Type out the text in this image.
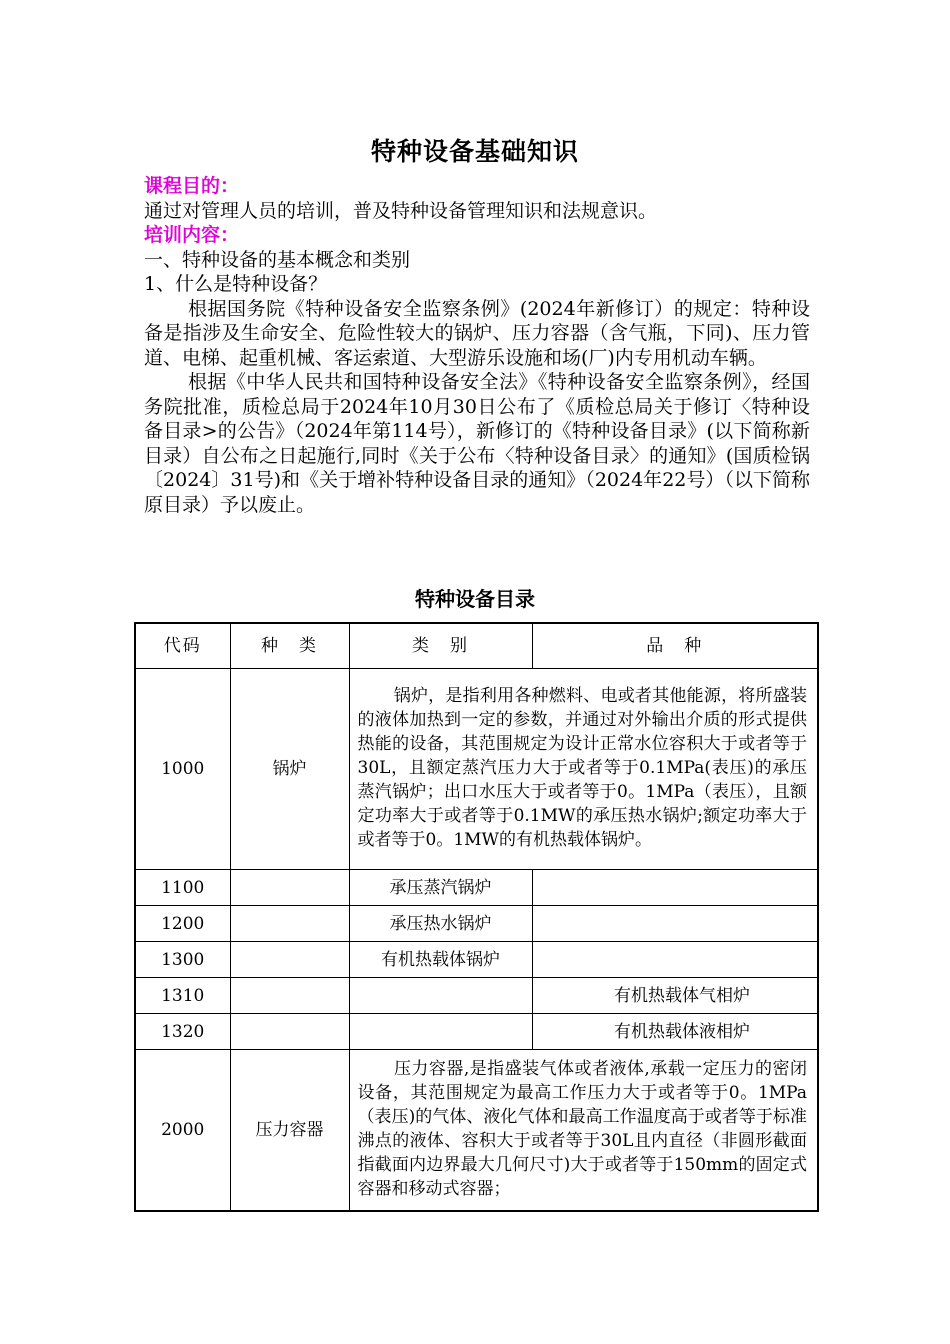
特种设备基础知识
课程目的：
通过对管理人员的培训，普及特种设备管理知识和法规意识。
培训内容：
一、特种设备的基本概念和类别
1、什么是特种设备？
根据国务院《特种设备安全监察条例》(2024年新修订）的规定：特种设备是指涉及生命安全、危险性较大的锅炉、压力容器（含气瓶，下同)、压力管道、电梯、起重机械、客运索道、大型游乐设施和场(厂)内专用机动车辆。
根据《中华人民共和国特种设备安全法》《特种设备安全监察条例》，经国务院批准，质检总局于2024年10月30日公布了《质检总局关于修订〈特种设备目录>的公告》（2024年第114号），新修订的《特种设备目录》(以下简称新目录）自公布之日起施行,同时《关于公布〈特种设备目录〉的通知》(国质检锅〔2024〕31号)和《关于增补特种设备目录的通知》（2024年22号）（以下简称原目录）予以废止。
特种设备目录
代码	种　类	类　别	品　种
1000	锅炉	锅炉，是指利用各种燃料、电或者其他能源，将所盛装的液体加热到一定的参数，并通过对外输出介质的形式提供热能的设备，其范围规定为设计正常水位容积大于或者等于30L，且额定蒸汽压力大于或者等于0.1MPa(表压)的承压蒸汽锅炉；出口水压大于或者等于0。1MPa（表压），且额定功率大于或者等于0.1MW的承压热水锅炉;额定功率大于或者等于0。1MW的有机热载体锅炉。	
1100		承压蒸汽锅炉	
1200		承压热水锅炉	
1300		有机热载体锅炉	
1310			有机热载体气相炉
1320			有机热载体液相炉
2000	压力容器	压力容器,是指盛装气体或者液体,承载一定压力的密闭设备，其范围规定为最高工作压力大于或者等于0。1MPa（表压)的气体、液化气体和最高工作温度高于或者等于标准沸点的液体、容积大于或者等于30L且内直径（非圆形截面指截面内边界最大几何尺寸)大于或者等于150mm的固定式容器和移动式容器；	
